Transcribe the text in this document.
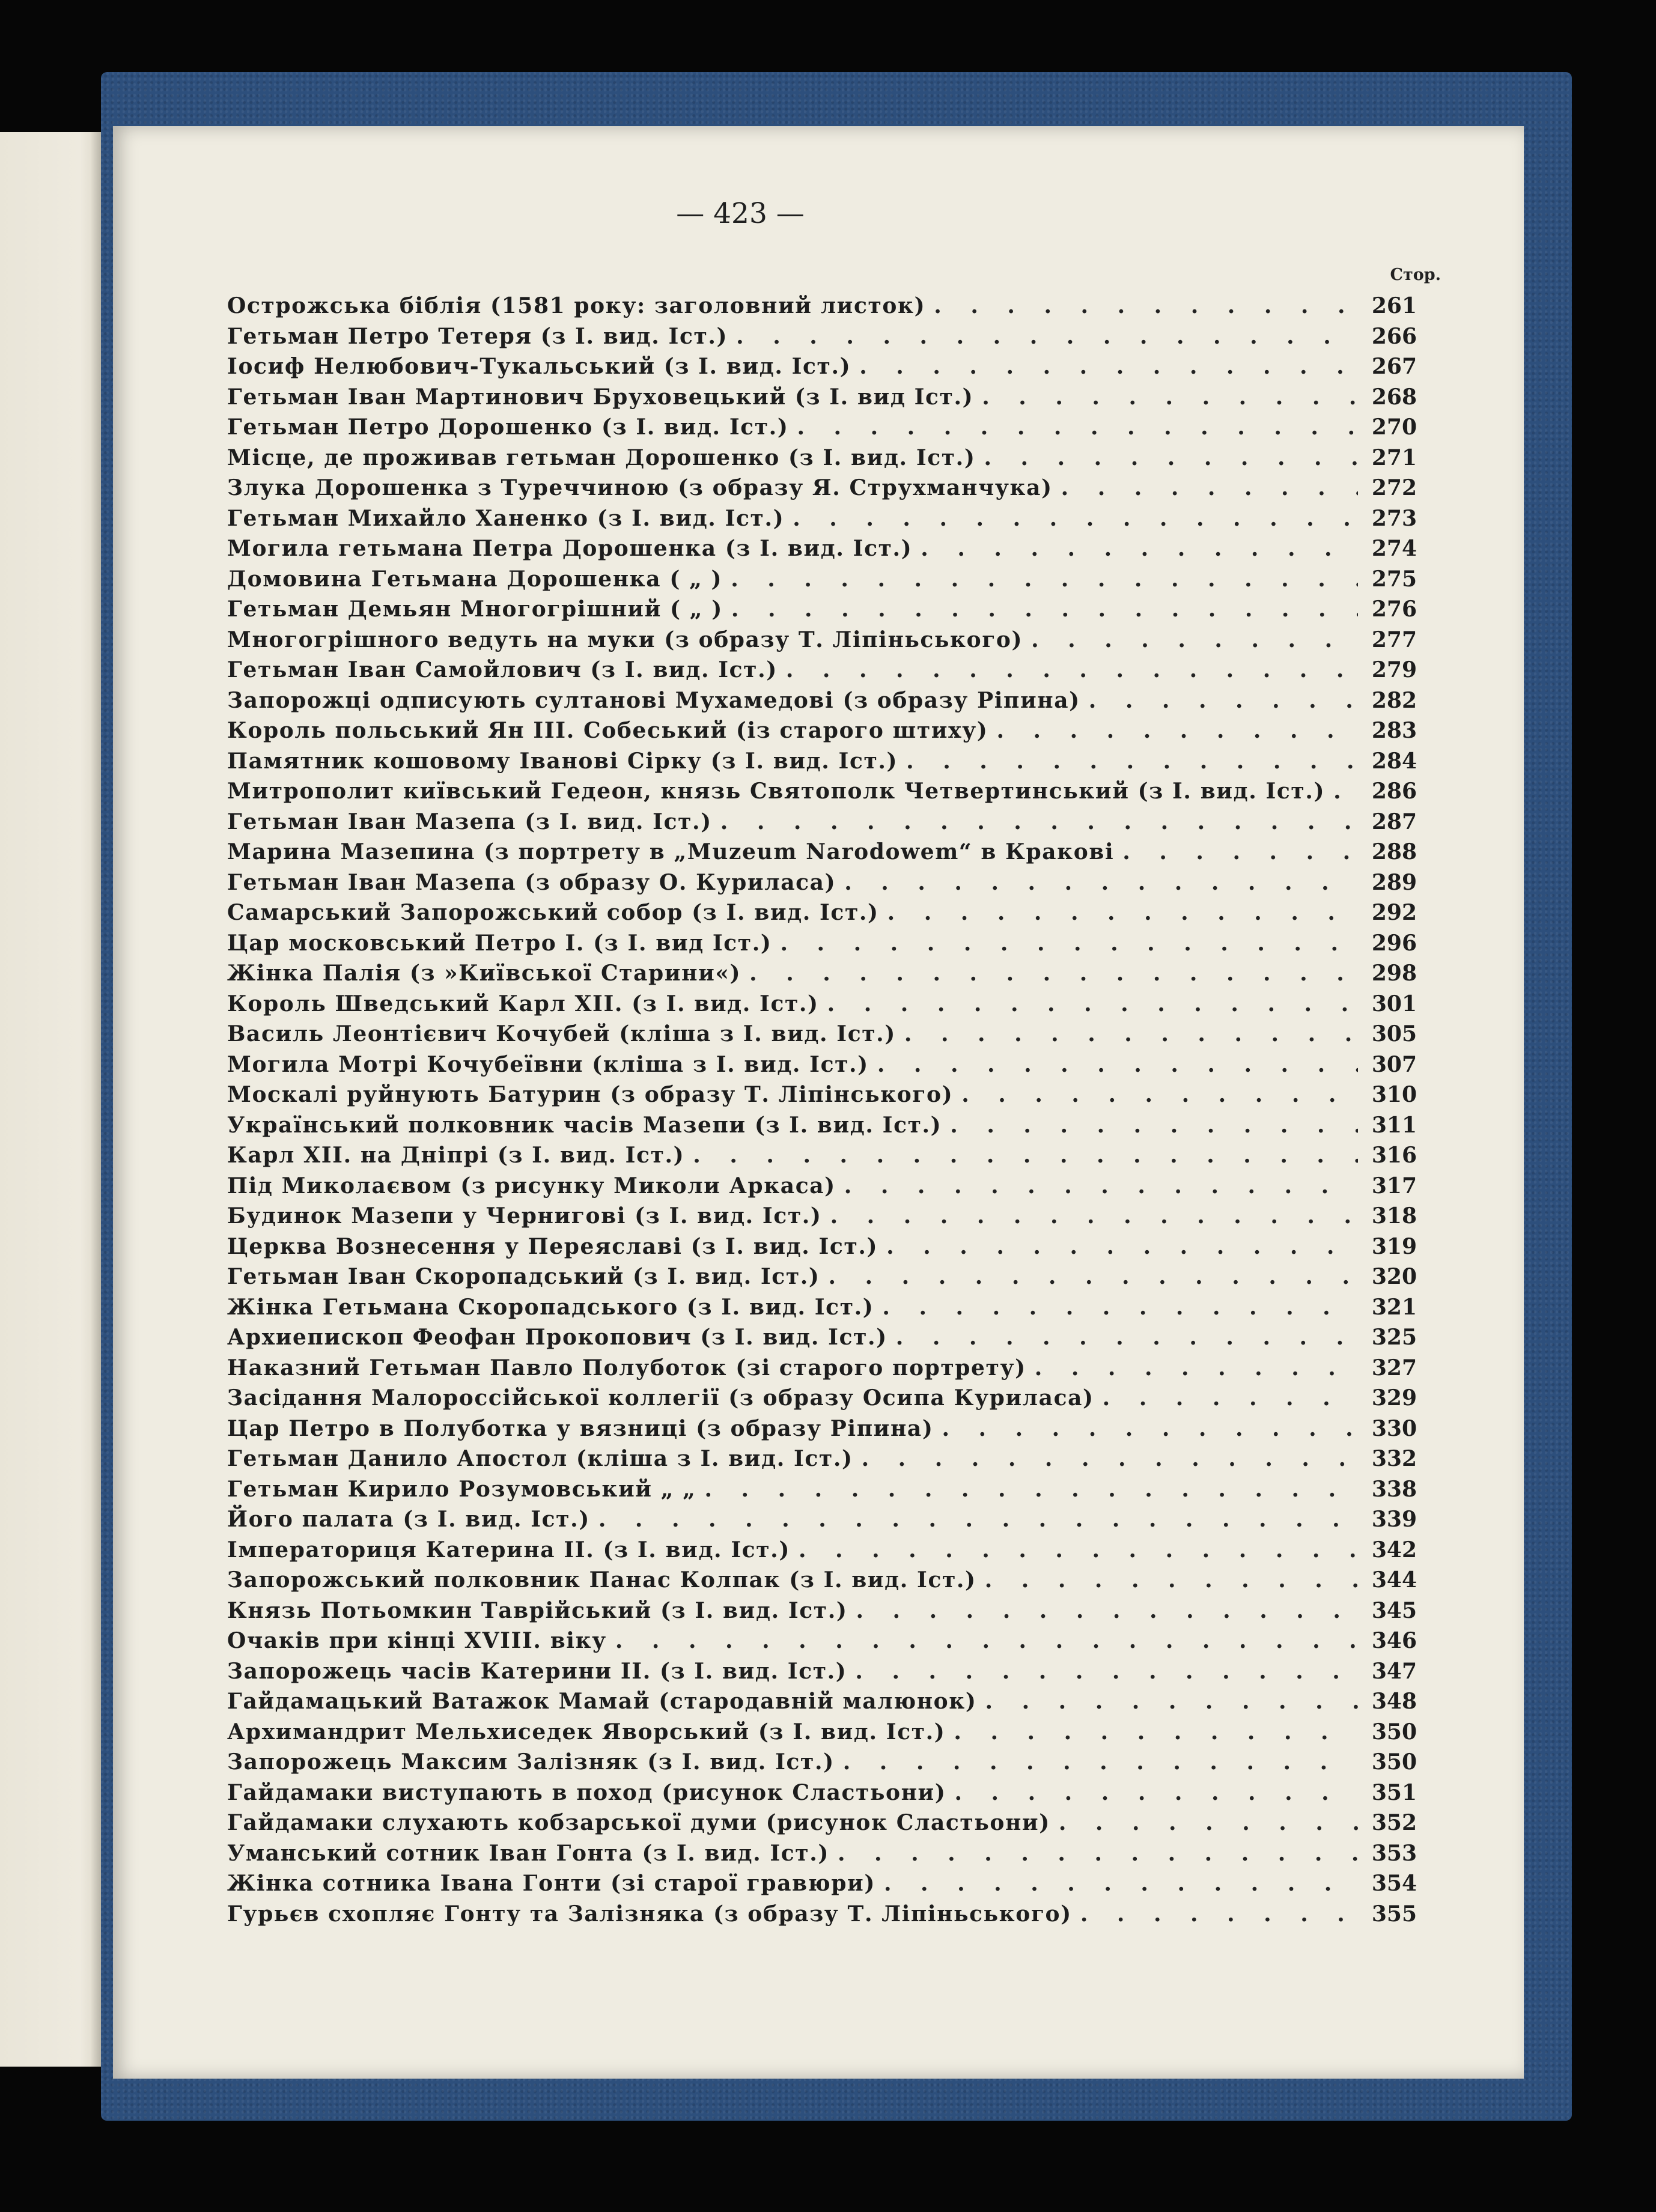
— 423 —
Стор.
Острожська біблія (1581 року: заголовний листок) . . .	261
Гетьман Петро Тетеря (з І. вид. Іст.) . . .	266
Іосиф Нелюбович-Тукальський (з І. вид. Іст.) . . .	267
Гетьман Іван Мартинович Бруховецький (з І. вид Іст.) . . .	268
Гетьман Петро Дорошенко (з І. вид. Іст.) . . .	270
Місце, де проживав гетьман Дорошенко (з І. вид. Іст.) . . .	271
Злука Дорошенка з Туреччиною (з образу Я. Струхманчука) . . .	272
Гетьман Михайло Ханенко (з І. вид. Іст.) . . .	273
Могила гетьмана Петра Дорошенка (з І. вид. Іст.) . . .	274
Домовина Гетьмана Дорошенка ( „ ) . . .	275
Гетьман Демьян Многогрішний ( „ ) . . .	276
Многогрішного ведуть на муки (з образу Т. Ліпіньського) . . .	277
Гетьман Іван Самойлович (з І. вид. Іст.) . . .	279
Запорожці одписують султанові Мухамедові (з образу Ріпина) . . .	282
Король польський Ян III. Собеський (із старого штиху) . . .	283
Памятник кошовому Іванові Сірку (з І. вид. Іст.) . . .	284
Митрополит київський Гедеон, князь Святополк Четвертинський (з І. вид. Іст.) . . .	286
Гетьман Іван Мазепа (з І. вид. Іст.) . . .	287
Марина Мазепина (з портрету в „Muzeum Narodowem“ в Кракові . . .	288
Гетьман Іван Мазепа (з образу О. Куриласа) . . .	289
Самарський Запорожський собор (з І. вид. Іст.) . . .	292
Цар московський Петро І. (з І. вид Іст.) . . .	296
Жінка Палія (з »Київської Старини«) . . .	298
Король Шведський Карл XII. (з І. вид. Іст.) . . .	301
Василь Леонтієвич Кочубей (кліша з І. вид. Іст.) . . .	305
Могила Мотрі Кочубеївни (кліша з І. вид. Іст.) . . .	307
Москалі руйнують Батурин (з образу Т. Ліпінського) . . .	310
Український полковник часів Мазепи (з І. вид. Іст.) . . .	311
Карл XII. на Дніпрі (з І. вид. Іст.) . . .	316
Під Миколаєвом (з рисунку Миколи Аркаса) . . .	317
Будинок Мазепи у Чернигові (з І. вид. Іст.) . . .	318
Церква Вознесення у Переяславі (з І. вид. Іст.) . . .	319
Гетьман Іван Скоропадський (з І. вид. Іст.) . . .	320
Жінка Гетьмана Скоропадського (з І. вид. Іст.) . . .	321
Архиепископ Феофан Прокопович (з І. вид. Іст.) . . .	325
Наказний Гетьман Павло Полуботок (зі старого портрету) . . .	327
Засідання Малороссійської коллегії (з образу Осипа Куриласа) . . .	329
Цар Петро в Полуботка у вязниці (з образу Ріпина) . . .	330
Гетьман Данило Апостол (кліша з І. вид. Іст.) . . .	332
Гетьман Кирило Розумовський „ „ . . .	338
Його палата (з І. вид. Іст.) . . .	339
Імператориця Катерина II. (з І. вид. Іст.) . . .	342
Запорожський полковник Панас Колпак (з І. вид. Іст.) . . .	344
Князь Потьомкин Таврійський (з І. вид. Іст.) . . .	345
Очаків при кінці XVIII. віку . . .	346
Запорожець часів Катерини II. (з І. вид. Іст.) . . .	347
Гайдамацький Ватажок Мамай (стародавній малюнок) . . .	348
Архимандрит Мельхиседек Яворський (з І. вид. Іст.) . . .	350
Запорожець Максим Залізняк (з І. вид. Іст.) . . .	350
Гайдамаки виступають в поход (рисунок Сластьони) . . .	351
Гайдамаки слухають кобзарської думи (рисунок Сластьони) . . .	352
Уманський сотник Іван Гонта (з І. вид. Іст.) . . .	353
Жінка сотника Івана Гонти (зі старої гравюри) . . .	354
Гурьєв схопляє Гонту та Залізняка (з образу Т. Ліпіньського) . . .	355
